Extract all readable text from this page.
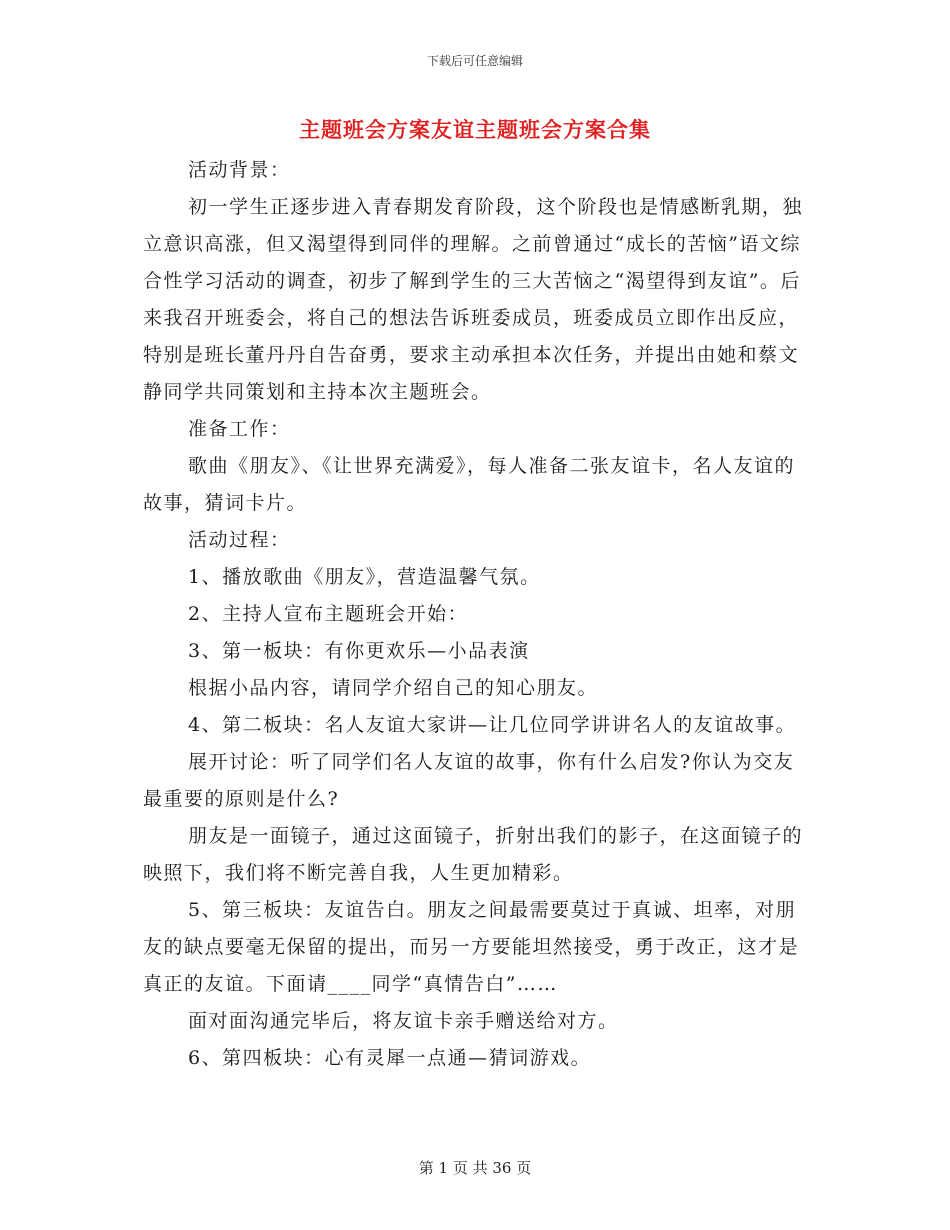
下载后可任意编辑
主题班会方案友谊主题班会方案合集

活动背景：

初一学生正逐步进入青春期发育阶段，这个阶段也是情感断乳期，独立意识高涨，但又渴望得到同伴的理解。之前曾通过“成长的苦恼”语文综合性学习活动的调查，初步了解到学生的三大苦恼之“渴望得到友谊”。后来我召开班委会，将自己的想法告诉班委成员，班委成员立即作出反应，特别是班长董丹丹自告奋勇，要求主动承担本次任务，并提出由她和蔡文静同学共同策划和主持本次主题班会。

准备工作：

歌曲《朋友》、《让世界充满爱》，每人准备二张友谊卡，名人友谊的故事，猜词卡片。

活动过程：

1、播放歌曲《朋友》，营造温馨气氛。

2、主持人宣布主题班会开始：

3、第一板块：有你更欢乐—小品表演

根据小品内容，请同学介绍自己的知心朋友。

4、第二板块：名人友谊大家讲—让几位同学讲讲名人的友谊故事。

展开讨论：听了同学们名人友谊的故事，你有什么启发?你认为交友最重要的原则是什么?

朋友是一面镜子，通过这面镜子，折射出我们的影子，在这面镜子的映照下，我们将不断完善自我，人生更加精彩。

5、第三板块：友谊告白。朋友之间最需要莫过于真诚、坦率，对朋友的缺点要毫无保留的提出，而另一方要能坦然接受，勇于改正，这才是真正的友谊。下面请____同学“真情告白”……

面对面沟通完毕后，将友谊卡亲手赠送给对方。

6、第四板块：心有灵犀一点通—猜词游戏。

第 1 页 共 36 页
